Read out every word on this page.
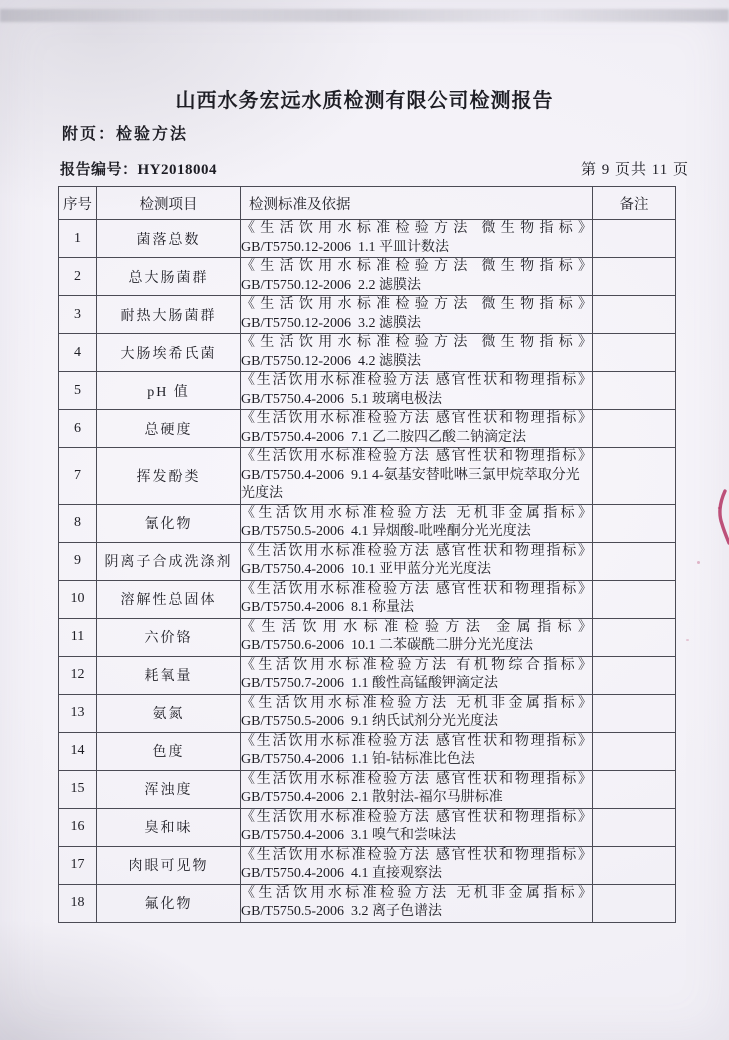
山西水务宏远水质检测有限公司检测报告
附页：检验方法
报告编号：HY2018004	第 9 页共 11 页
序号	检测项目	检测标准及依据	备注
1	菌落总数	《生活饮用水标准检验方法 微生物指标》
GB/T5750.12-2006  1.1 平皿计数法	

2	总大肠菌群	《生活饮用水标准检验方法 微生物指标》
GB/T5750.12-2006  2.2 滤膜法	

3	耐热大肠菌群	《生活饮用水标准检验方法 微生物指标》
GB/T5750.12-2006  3.2 滤膜法	

4	大肠埃希氏菌	《生活饮用水标准检验方法 微生物指标》
GB/T5750.12-2006  4.2 滤膜法	

5	pH 值	《生活饮用水标准检验方法 感官性状和物理指标》
GB/T5750.4-2006  5.1 玻璃电极法	

6	总硬度	《生活饮用水标准检验方法 感官性状和物理指标》
GB/T5750.4-2006  7.1 乙二胺四乙酸二钠滴定法	

7	挥发酚类	《生活饮用水标准检验方法 感官性状和物理指标》
GB/T5750.4-2006  9.1 4-氨基安替吡啉三氯甲烷萃取分光光度法	

8	氰化物	《生活饮用水标准检验方法 无机非金属指标》
GB/T5750.5-2006  4.1 异烟酸-吡唑酮分光光度法	

9	阴离子合成洗涤剂	《生活饮用水标准检验方法 感官性状和物理指标》
GB/T5750.4-2006  10.1 亚甲蓝分光光度法	

10	溶解性总固体	《生活饮用水标准检验方法 感官性状和物理指标》
GB/T5750.4-2006  8.1 称量法	

11	六价铬	《生活饮用水标准检验方法 金属指标》
GB/T5750.6-2006  10.1 二苯碳酰二肼分光光度法	

12	耗氧量	《生活饮用水标准检验方法 有机物综合指标》
GB/T5750.7-2006  1.1 酸性高锰酸钾滴定法	

13	氨氮	《生活饮用水标准检验方法 无机非金属指标》
GB/T5750.5-2006  9.1 纳氏试剂分光光度法	

14	色度	《生活饮用水标准检验方法 感官性状和物理指标》
GB/T5750.4-2006  1.1 铂-钴标准比色法	

15	浑浊度	《生活饮用水标准检验方法 感官性状和物理指标》
GB/T5750.4-2006  2.1 散射法-福尔马肼标准	

16	臭和味	《生活饮用水标准检验方法 感官性状和物理指标》
GB/T5750.4-2006  3.1 嗅气和尝味法	

17	肉眼可见物	《生活饮用水标准检验方法 感官性状和物理指标》
GB/T5750.4-2006  4.1 直接观察法	

18	氟化物	《生活饮用水标准检验方法 无机非金属指标》
GB/T5750.5-2006  3.2 离子色谱法	
